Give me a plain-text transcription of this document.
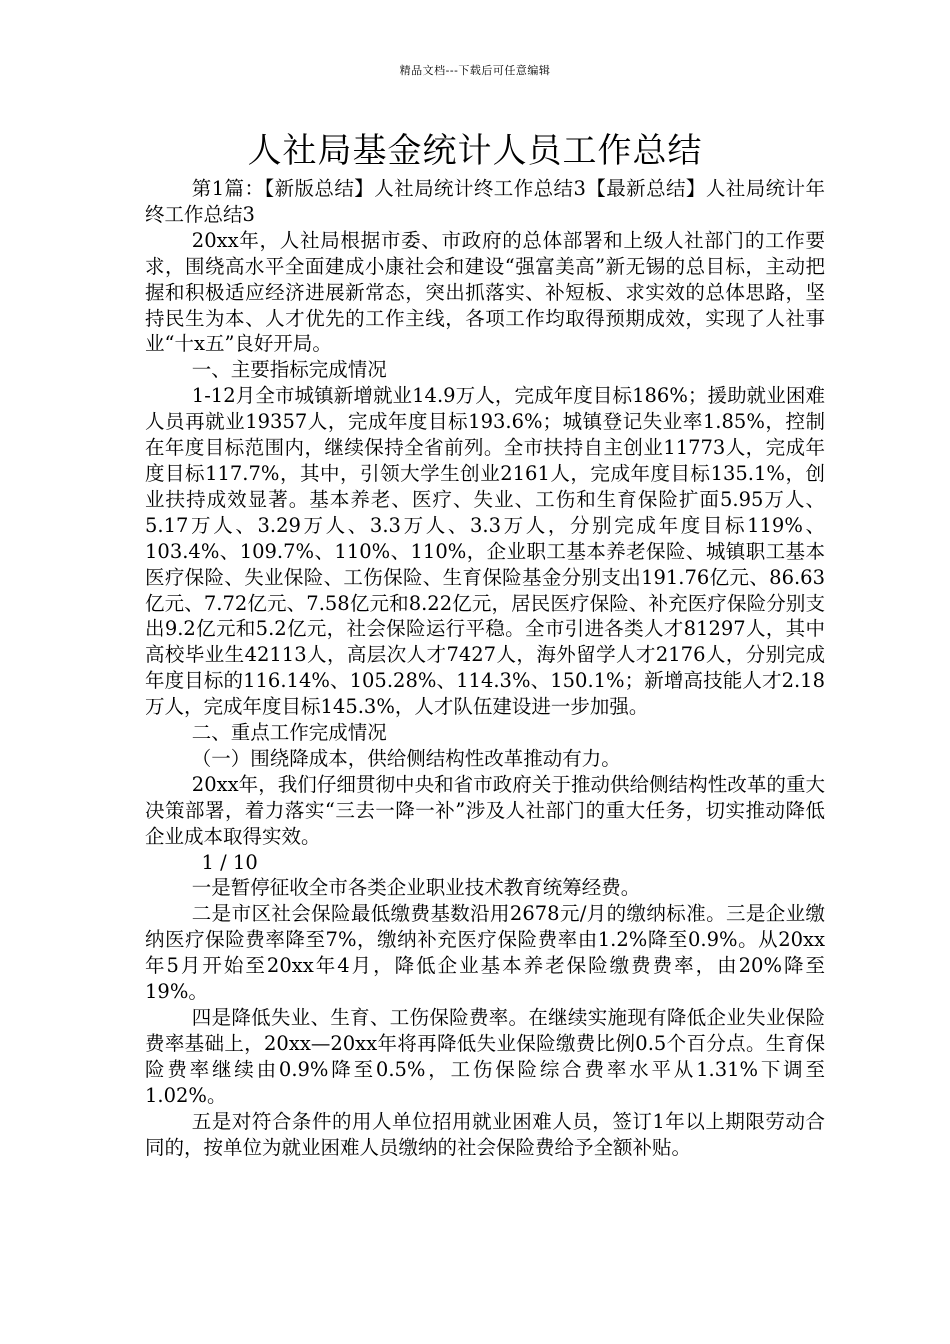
精品文档---下载后可任意编辑
人社局基金统计人员工作总结

第1篇：【新版总结】人社局统计终工作总结3【最新总结】人社局统计年终工作总结3

20xx年，人社局根据市委、市政府的总体部署和上级人社部门的工作要求，围绕高水平全面建成小康社会和建设“强富美高”新无锡的总目标，主动把握和积极适应经济进展新常态，突出抓落实、补短板、求实效的总体思路，坚持民生为本、人才优先的工作主线，各项工作均取得预期成效，实现了人社事业“十x五”良好开局。

一、主要指标完成情况

1-12月全市城镇新增就业14.9万人，完成年度目标186%；援助就业困难人员再就业19357人，完成年度目标193.6%；城镇登记失业率1.85%，控制在年度目标范围内，继续保持全省前列。全市扶持自主创业11773人，完成年度目标117.7%，其中，引领大学生创业2161人，完成年度目标135.1%，创业扶持成效显著。基本养老、医疗、失业、工伤和生育保险扩面5.95万人、5.17万人、3.29万人、3.3万人、3.3万人，分别完成年度目标119%、103.4%、109.7%、110%、110%，企业职工基本养老保险、城镇职工基本医疗保险、失业保险、工伤保险、生育保险基金分别支出191.76亿元、86.63亿元、7.72亿元、7.58亿元和8.22亿元，居民医疗保险、补充医疗保险分别支出9.2亿元和5.2亿元，社会保险运行平稳。全市引进各类人才81297人，其中高校毕业生42113人，高层次人才7427人，海外留学人才2176人，分别完成年度目标的116.14%、105.28%、114.3%、150.1%；新增高技能人才2.18万人，完成年度目标145.3%，人才队伍建设进一步加强。

二、重点工作完成情况

（一）围绕降成本，供给侧结构性改革推动有力。

20xx年，我们仔细贯彻中央和省市政府关于推动供给侧结构性改革的重大决策部署，着力落实“三去一降一补”涉及人社部门的重大任务，切实推动降低企业成本取得实效。

1 / 10

一是暂停征收全市各类企业职业技术教育统筹经费。

二是市区社会保险最低缴费基数沿用2678元/月的缴纳标准。三是企业缴纳医疗保险费率降至7%，缴纳补充医疗保险费率由1.2%降至0.9%。从20xx年5月开始至20xx年4月，降低企业基本养老保险缴费费率，由20%降至19%。

四是降低失业、生育、工伤保险费率。在继续实施现有降低企业失业保险费率基础上，20xx—20xx年将再降低失业保险缴费比例0.5个百分点。生育保险费率继续由0.9%降至0.5%，工伤保险综合费率水平从1.31%下调至1.02%。

五是对符合条件的用人单位招用就业困难人员，签订1年以上期限劳动合同的，按单位为就业困难人员缴纳的社会保险费给予全额补贴。
